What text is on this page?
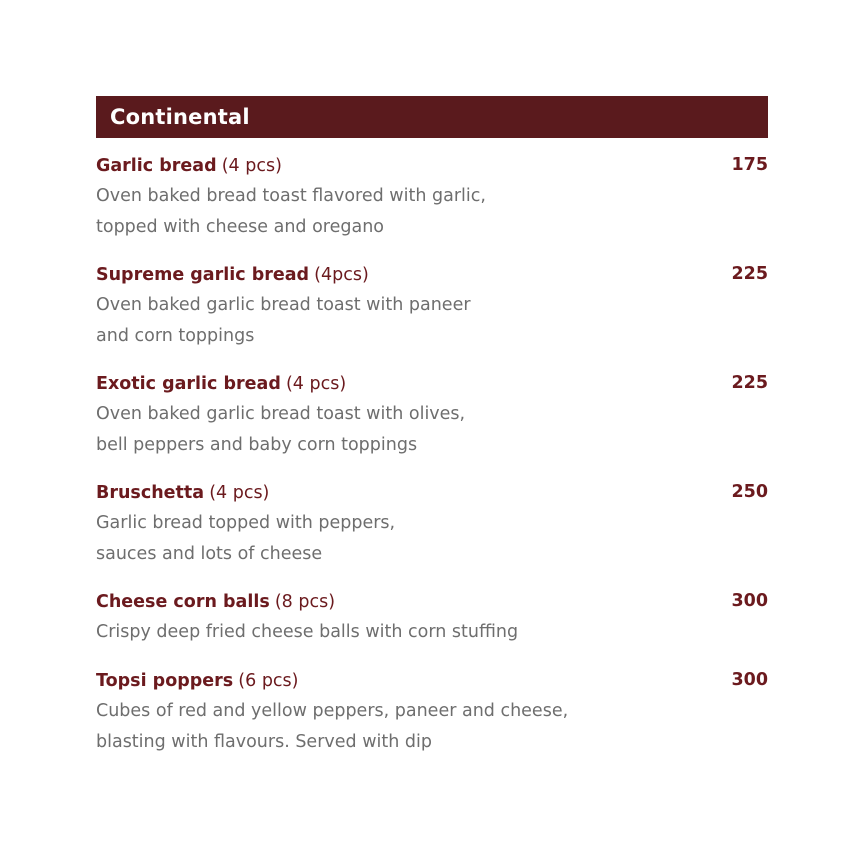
Continental
Garlic bread (4 pcs)	175
Oven baked bread toast flavored with garlic,
topped with cheese and oregano
Supreme garlic bread (4pcs)	225
Oven baked garlic bread toast with paneer
and corn toppings
Exotic garlic bread (4 pcs)	225
Oven baked garlic bread toast with olives,
bell peppers and baby corn toppings
Bruschetta (4 pcs)	250
Garlic bread topped with peppers,
sauces and lots of cheese
Cheese corn balls (8 pcs)	300
Crispy deep fried cheese balls with corn stuffing
Topsi poppers (6 pcs)	300
Cubes of red and yellow peppers, paneer and cheese,
blasting with flavours. Served with dip
